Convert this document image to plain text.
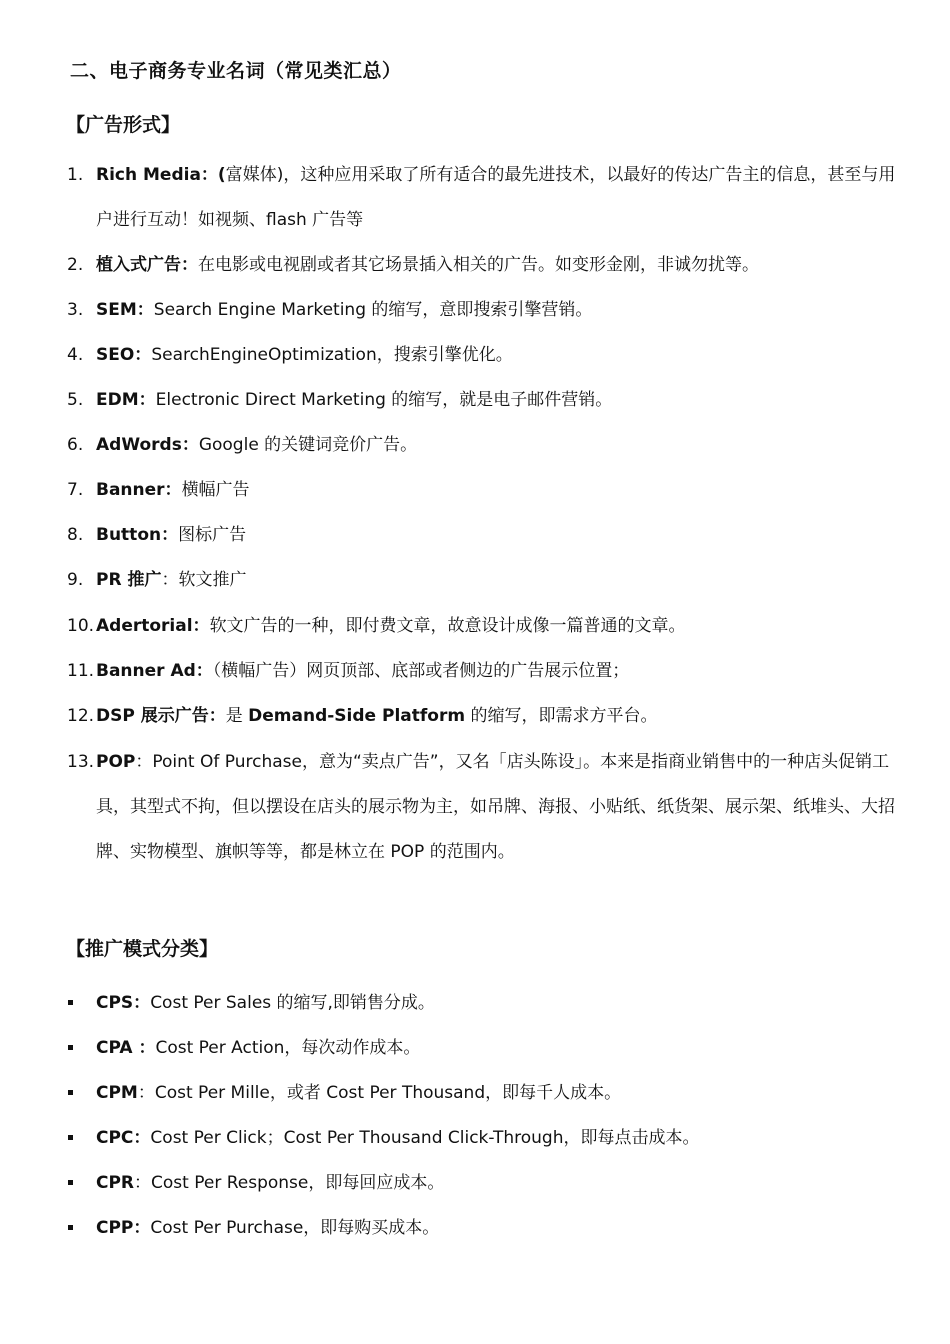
二、电子商务专业名词（常见类汇总）
【广告形式】
1. Rich Media：(富媒体)，这种应用采取了所有适合的最先进技术，以最好的传达广告主的信息，甚至与用户进行互动！如视频、flash 广告等
2. 植入式广告：在电影或电视剧或者其它场景插入相关的广告。如变形金刚，非诚勿扰等。
3. SEM：Search Engine Marketing 的缩写，意即搜索引擎营销。
4. SEO：SearchEngineOptimization，搜索引擎优化。
5. EDM：Electronic Direct Marketing 的缩写，就是电子邮件营销。
6. AdWords：Google 的关键词竞价广告。
7. Banner：横幅广告
8. Button：图标广告
9. PR 推广：软文推广
10. Adertorial：软文广告的一种，即付费文章，故意设计成像一篇普通的文章。
11. Banner Ad：（横幅广告）网页顶部、底部或者侧边的广告展示位置；
12. DSP 展示广告：是 Demand-Side Platform 的缩写，即需求方平台。
13. POP：Point Of Purchase，意为“卖点广告”，又名「店头陈设」。本来是指商业销售中的一种店头促销工具，其型式不拘，但以摆设在店头的展示物为主，如吊牌、海报、小贴纸、纸货架、展示架、纸堆头、大招牌、实物模型、旗帜等等，都是林立在 POP 的范围内。
【推广模式分类】
CPS：Cost Per Sales 的缩写,即销售分成。
CPA ：Cost Per Action，每次动作成本。
CPM：Cost Per Mille，或者 Cost Per Thousand，即每千人成本。
CPC：Cost Per Click；Cost Per Thousand Click-Through，即每点击成本。
CPR：Cost Per Response，即每回应成本。
CPP：Cost Per Purchase，即每购买成本。
